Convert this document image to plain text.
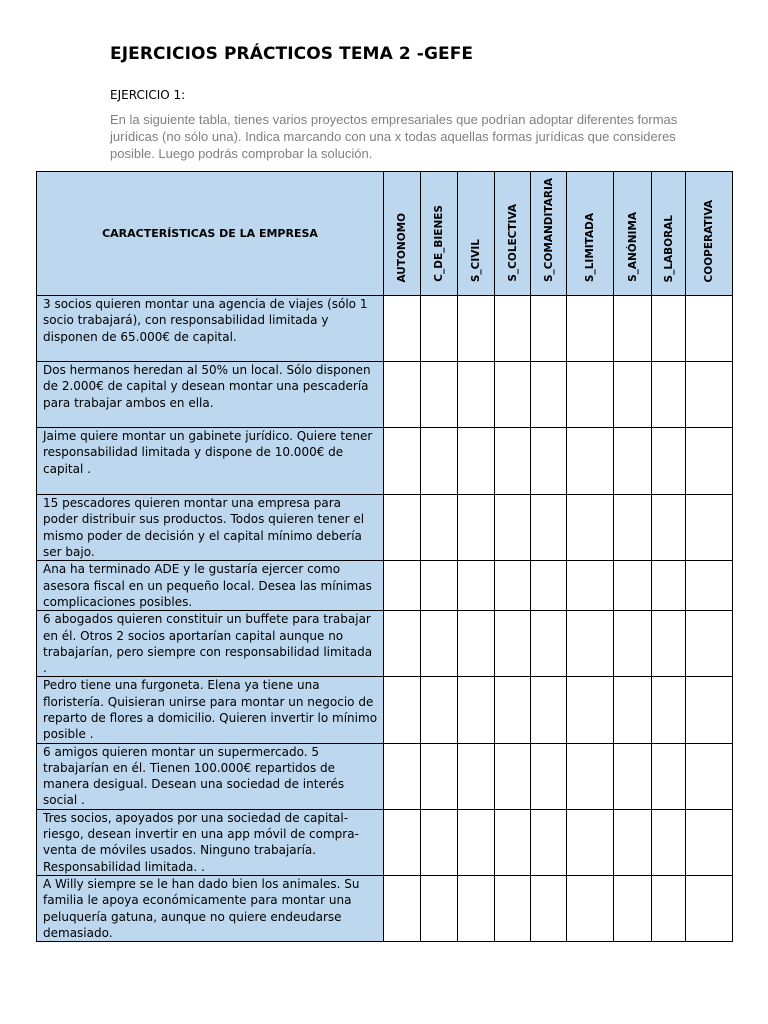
EJERCICIOS PRÁCTICOS TEMA 2 -GEFE
EJERCICIO 1:
En la siguiente tabla, tienes varios proyectos empresariales que podrían adoptar diferentes formas jurídicas (no sólo una). Indica marcando con una x todas aquellas formas jurídicas que consideres posible. Luego podrás comprobar la solución.
CARACTERÍSTICAS DE LA EMPRESA	AUTONOMO	C_DE_BIENES	S_CIVIL	S_COLECTIVA	S_COMANDITARIA	S_LIMITADA	S_ANÓNIMA	S_LABORAL	COOPERATIVA
3 socios quieren montar una agencia de viajes (sólo 1 socio trabajará), con responsabilidad limitada y disponen de 65.000€ de capital.									
Dos hermanos heredan al 50% un local. Sólo disponen de 2.000€ de capital y desean montar una pescadería para trabajar ambos en ella.									
Jaime quiere montar un gabinete jurídico. Quiere tener responsabilidad limitada y dispone de 10.000€ de capital .									
15 pescadores quieren montar una empresa para poder distribuir sus productos. Todos quieren tener el mismo poder de decisión y el capital mínimo debería ser bajo.									
Ana ha terminado ADE y le gustaría ejercer como asesora fiscal en un pequeño local. Desea las mínimas complicaciones posibles.									
6 abogados quieren constituir un buffete para trabajar en él. Otros 2 socios aportarían capital aunque no trabajarían, pero siempre con responsabilidad limitada .									
Pedro tiene una furgoneta. Elena ya tiene una floristería. Quisieran unirse para montar un negocio de reparto de flores a domicilio. Quieren invertir lo mínimo posible .									
6 amigos quieren montar un supermercado. 5 trabajarían en él. Tienen 100.000€ repartidos de manera desigual. Desean una sociedad de interés social .									
Tres socios, apoyados por una sociedad de capital-riesgo, desean invertir en una app móvil de compra-venta de móviles usados. Ninguno trabajaría. Responsabilidad limitada. .									
A Willy siempre se le han dado bien los animales. Su familia le apoya económicamente para montar una peluquería gatuna, aunque no quiere endeudarse demasiado.									
